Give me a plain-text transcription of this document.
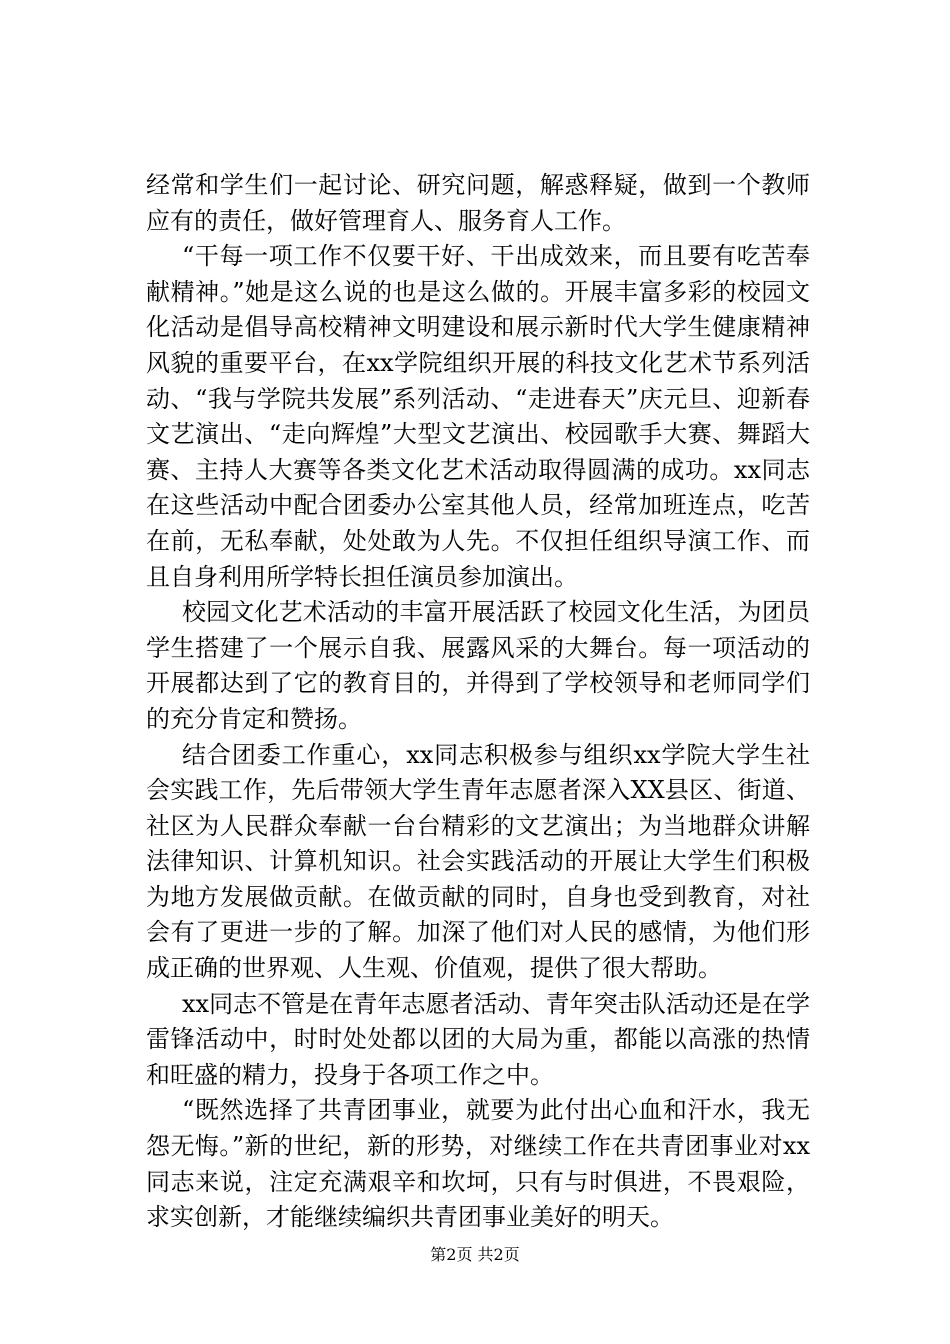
经常和学生们一起讨论、研究问题，解惑释疑，做到一个教师应有的责任，做好管理育人、服务育人工作。

“干每一项工作不仅要干好、干出成效来，而且要有吃苦奉献精神。”她是这么说的也是这么做的。开展丰富多彩的校园文化活动是倡导高校精神文明建设和展示新时代大学生健康精神风貌的重要平台，在xx学院组织开展的科技文化艺术节系列活动、“我与学院共发展”系列活动、“走进春天”庆元旦、迎新春文艺演出、“走向辉煌”大型文艺演出、校园歌手大赛、舞蹈大赛、主持人大赛等各类文化艺术活动取得圆满的成功。xx同志在这些活动中配合团委办公室其他人员，经常加班连点，吃苦在前，无私奉献，处处敢为人先。不仅担任组织导演工作、而且自身利用所学特长担任演员参加演出。

校园文化艺术活动的丰富开展活跃了校园文化生活，为团员学生搭建了一个展示自我、展露风采的大舞台。每一项活动的开展都达到了它的教育目的，并得到了学校领导和老师同学们的充分肯定和赞扬。

结合团委工作重心，xx同志积极参与组织xx学院大学生社会实践工作，先后带领大学生青年志愿者深入XX县区、街道、社区为人民群众奉献一台台精彩的文艺演出；为当地群众讲解法律知识、计算机知识。社会实践活动的开展让大学生们积极为地方发展做贡献。在做贡献的同时，自身也受到教育，对社会有了更进一步的了解。加深了他们对人民的感情，为他们形成正确的世界观、人生观、价值观，提供了很大帮助。

xx同志不管是在青年志愿者活动、青年突击队活动还是在学雷锋活动中，时时处处都以团的大局为重，都能以高涨的热情和旺盛的精力，投身于各项工作之中。

“既然选择了共青团事业，就要为此付出心血和汗水，我无怨无悔。”新的世纪，新的形势，对继续工作在共青团事业对xx同志来说，注定充满艰辛和坎坷，只有与时俱进，不畏艰险，求实创新，才能继续编织共青团事业美好的明天。

第2页 共2页
